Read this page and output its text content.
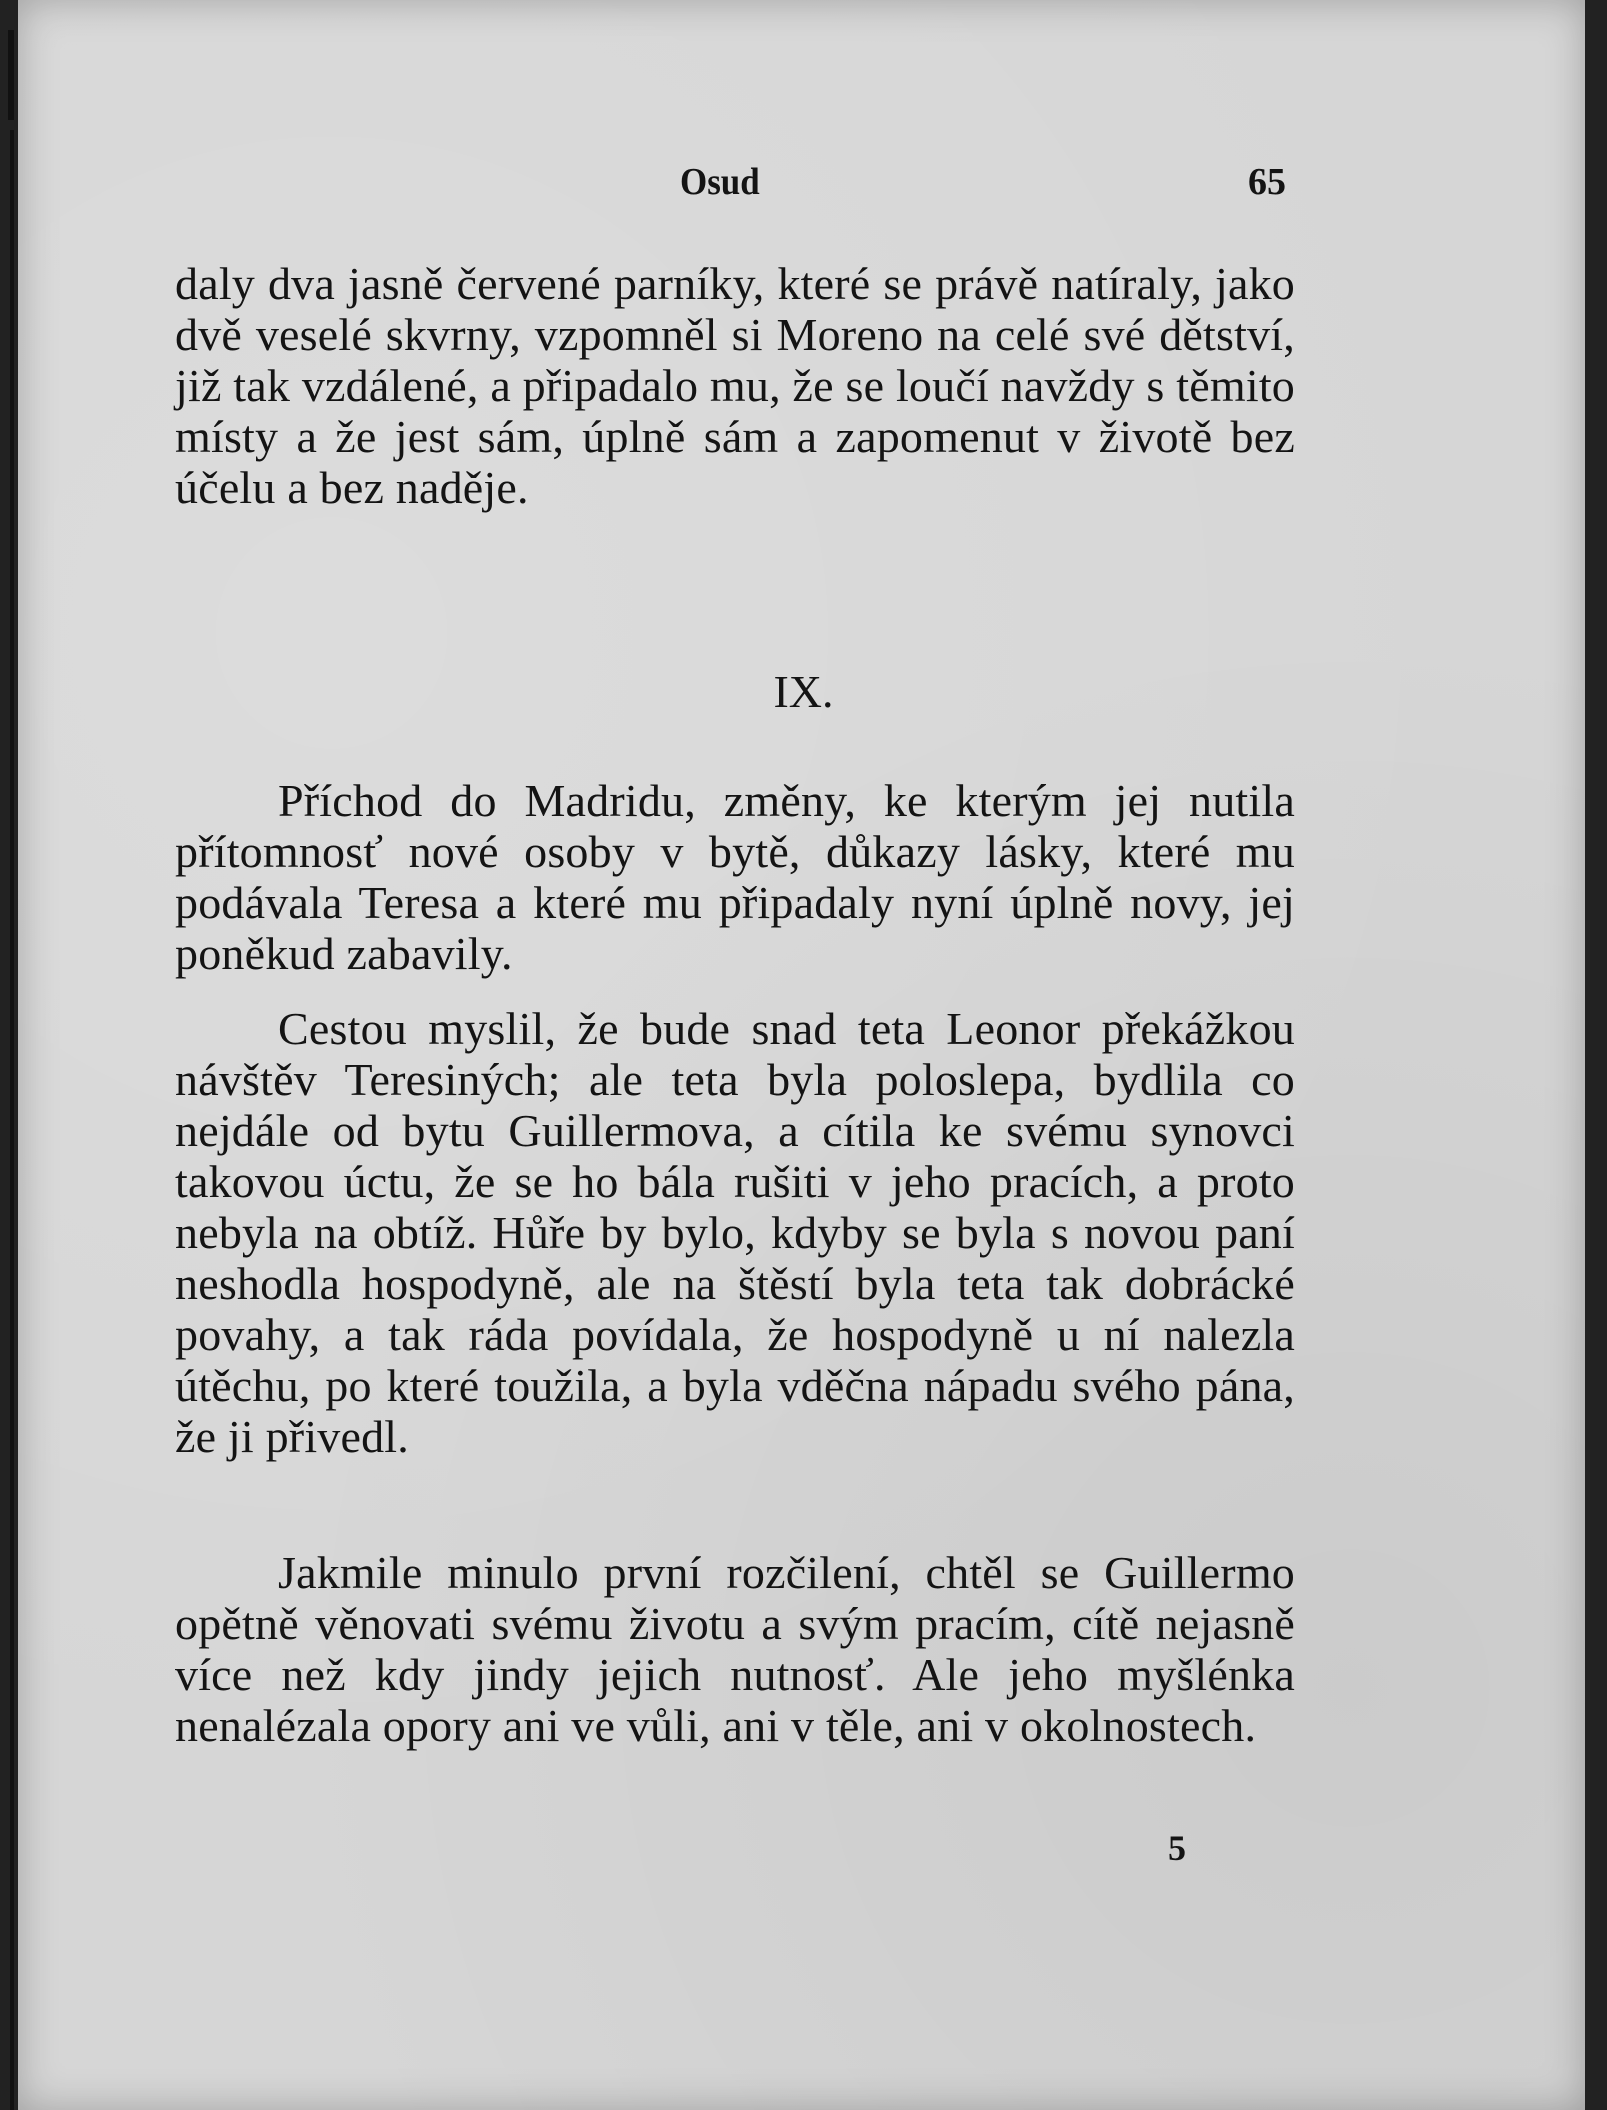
Osud	65

daly dva jasně červené parníky, které se právě natíraly, jako dvě veselé skvrny, vzpomněl si Moreno na celé své dětství, již tak vzdálené, a připadalo mu, že se loučí navždy s těmito místy a že jest sám, úplně sám a zapomenut v životě bez účelu a bez naděje.

IX.

Příchod do Madridu, změny, ke kterým jej nutila přítomnosť nové osoby v bytě, důkazy lásky, které mu podávala Teresa a které mu připadaly nyní úplně novy, jej poněkud zabavily.

Cestou myslil, že bude snad teta Leonor překážkou návštěv Teresiných; ale teta byla poloslepa, bydlila co nejdále od bytu Guillermova, a cítila ke svému synovci takovou úctu, že se ho bála rušiti v jeho pracích, a proto nebyla na obtíž. Hůře by bylo, kdyby se byla s novou paní neshodla hospodyně, ale na štěstí byla teta tak dobrácké povahy, a tak ráda povídala, že hospodyně u ní nalezla útěchu, po které toužila, a byla vděčna nápadu svého pána, že ji přivedl.

Jakmile minulo první rozčilení, chtěl se Guillermo opětně věnovati svému životu a svým pracím, cítě nejasně více než kdy jindy jejich nutnosť. Ale jeho myšlénka nenalézala opory ani ve vůli, ani v těle, ani v okolnostech.

5
